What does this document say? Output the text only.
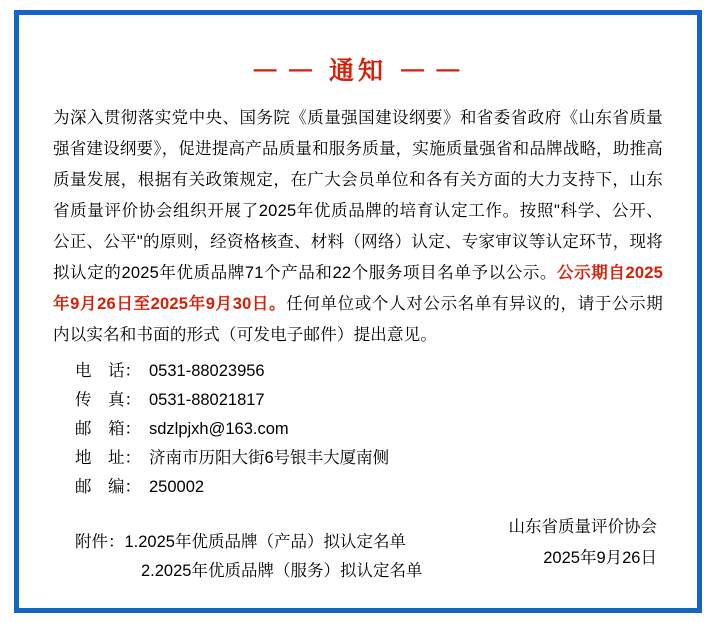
— — 通知 — —
为深入贯彻落实党中央、国务院《质量强国建设纲要》和省委省政府《山东省质量强省建设纲要》，促进提高产品质量和服务质量，实施质量强省和品牌战略，助推高质量发展，根据有关政策规定，在广大会员单位和各有关方面的大力支持下，山东省质量评价协会组织开展了2025年优质品牌的培育认定工作。按照"科学、公开、公正、公平"的原则，经资格核查、材料（网络）认定、专家审议等认定环节，现将拟认定的2025年优质品牌71个产品和22个服务项目名单予以公示。公示期自2025年9月26日至2025年9月30日。任何单位或个人对公示名单有异议的，请于公示期内以实名和书面的形式（可发电子邮件）提出意见。
电　话： 0531-88023956
传　真： 0531-88021817
邮　箱： sdzlpjxh@163.com
地　址： 济南市历阳大街6号银丰大厦南侧
邮　编： 250002
附件：1.2025年优质品牌（产品）拟认定名单
2.2025年优质品牌（服务）拟认定名单
山东省质量评价协会
2025年9月26日
